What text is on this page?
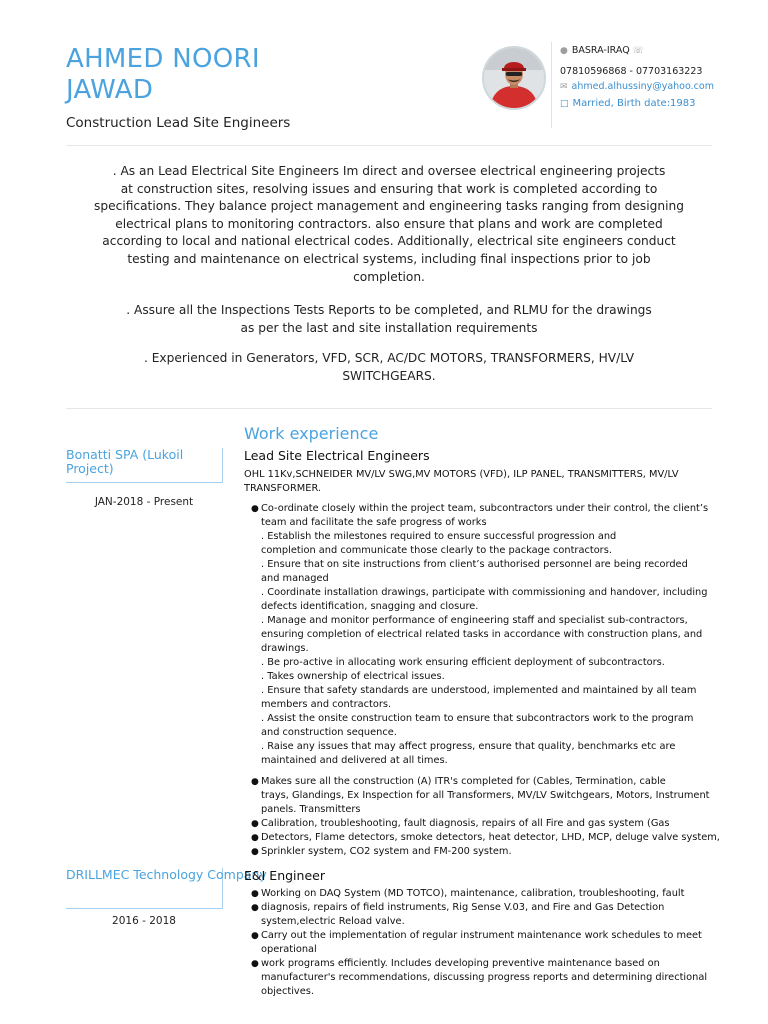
AHMED NOORI
JAWAD
Construction Lead Site Engineers
● BASRA-IRAQ ☏
07810596868 - 07703163223
✉ ahmed.alhussiny@yahoo.com
□ Married, Birth date:1983
. As an Lead Electrical Site Engineers Im direct and oversee electrical engineering projects
at construction sites, resolving issues and ensuring that work is completed according to
specifications. They balance project management and engineering tasks ranging from designing
electrical plans to monitoring contractors. also ensure that plans and work are completed
according to local and national electrical codes. Additionally, electrical site engineers conduct
testing and maintenance on electrical systems, including final inspections prior to job
completion.
. Assure all the Inspections Tests Reports to be completed, and RLMU for the drawings
as per the last and site installation requirements
. Experienced in Generators, VFD, SCR, AC/DC MOTORS, TRANSFORMERS, HV/LV
SWITCHGEARS.
Work experience
Bonatti SPA (Lukoil Project)
JAN-2018 - Present
Lead Site Electrical Engineers
OHL 11Kv,SCHNEIDER MV/LV SWG,MV MOTORS (VFD), ILP PANEL, TRANSMITTERS, MV/LV
TRANSFORMER.
● Co-ordinate closely within the project team, subcontractors under their control, the client’s
team and facilitate the safe progress of works
. Establish the milestones required to ensure successful progression and
completion and communicate those clearly to the package contractors.
. Ensure that on site instructions from client’s authorised personnel are being recorded
and managed
. Coordinate installation drawings, participate with commissioning and handover, including
defects identification, snagging and closure.
. Manage and monitor performance of engineering staff and specialist sub-contractors,
ensuring completion of electrical related tasks in accordance with construction plans, and
drawings.
. Be pro-active in allocating work ensuring efficient deployment of subcontractors.
. Takes ownership of electrical issues.
. Ensure that safety standards are understood, implemented and maintained by all team
members and contractors.
. Assist the onsite construction team to ensure that subcontractors work to the program
and construction sequence.
. Raise any issues that may affect progress, ensure that quality, benchmarks etc are
maintained and delivered at all times.
● Makes sure all the construction (A) ITR's completed for (Cables, Termination, cable
trays, Glandings, Ex Inspection for all Transformers, MV/LV Switchgears, Motors, Instrument
panels. Transmitters
● Calibration, troubleshooting, fault diagnosis, repairs of all Fire and gas system (Gas
● Detectors, Flame detectors, smoke detectors, heat detector, LHD, MCP, deluge valve system,
● Sprinkler system, CO2 system and FM-200 system.
DRILLMEC Technology Company
2016 - 2018
E&I Engineer
● Working on DAQ System (MD TOTCO), maintenance, calibration, troubleshooting, fault
● diagnosis, repairs of field instruments, Rig Sense V.03, and Fire and Gas Detection
system,electric Reload valve.
● Carry out the implementation of regular instrument maintenance work schedules to meet
operational
● work programs efficiently. Includes developing preventive maintenance based on
manufacturer's recommendations, discussing progress reports and determining directional
objectives.
